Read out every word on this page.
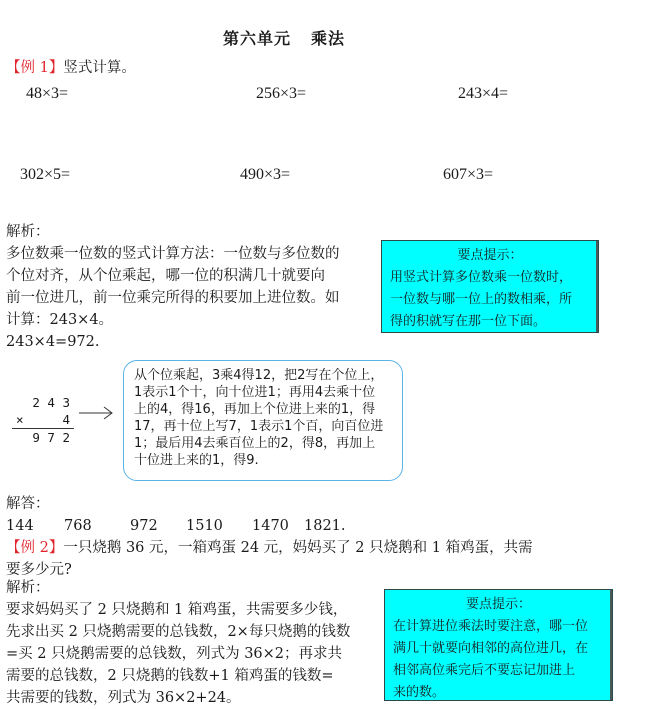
第六单元 乘法
【例 1】竖式计算。
48×3=	256×3=	243×4=
302×5=	490×3=	607×3=
解析：
多位数乘一位数的竖式计算方法：一位数与多位数的
个位对齐，从个位乘起，哪一位的积满几十就要向
前一位进几，前一位乘完所得的积要加上进位数。如
计算：243×4。
243×4=972.
要点提示：
用竖式计算多位数乘一位数时，
一位数与哪一位上的数相乘，所
得的积就写在那一位下面。
2 4 3
×	4
9 7 2
从个位乘起，3乘4得12，把2写在个位上，
1表示1个十，向十位进1；再用4去乘十位
上的4，得16，再加上个位进上来的1，得
17，再十位上写7，1表示1个百，向百位进
1；最后用4去乘百位上的2，得8，再加上
十位进上来的1，得9.
解答：
144 768	972 1510 1470 1821.
【例 2】一只烧鹅 36 元，一箱鸡蛋 24 元，妈妈买了 2 只烧鹅和 1 箱鸡蛋，共需
要多少元?
解析：
要求妈妈买了 2 只烧鹅和 1 箱鸡蛋，共需要多少钱，
先求出买 2 只烧鹅需要的总钱数，2×每只烧鹅的钱数
=买 2 只烧鹅需要的总钱数，列式为 36×2；再求共
需要的总钱数，2 只烧鹅的钱数+1 箱鸡蛋的钱数=
共需要的钱数，列式为 36×2+24。
要点提示：
在计算进位乘法时要注意，哪一位
满几十就要向相邻的高位进几，在
相邻高位乘完后不要忘记加进上
来的数。
